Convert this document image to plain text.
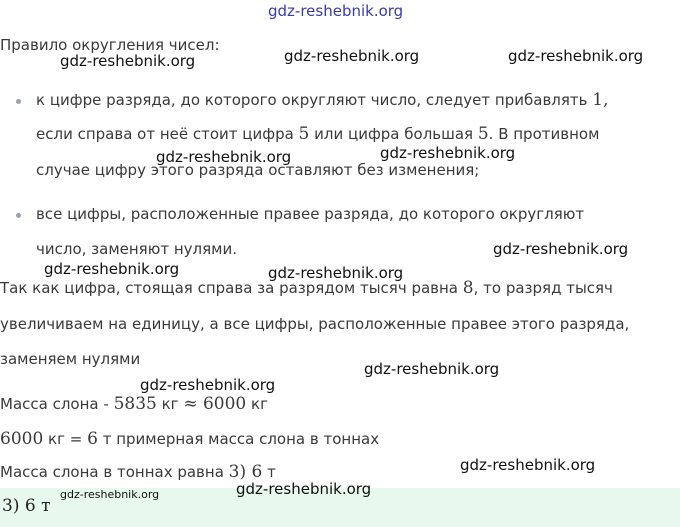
gdz-reshebnik.org
Правило округления чисел:
к цифре разряда, до которого округляют число, следует прибавлять 1,
если справа от неё стоит цифра 5 или цифра большая 5. В противном
случае цифру этого разряда оставляют без изменения;
все цифры, расположенные правее разряда, до которого округляют
число, заменяют нулями.
Так как цифра, стоящая справа за разрядом тысяч равна 8, то разряд тысяч
увеличиваем на единицу, а все цифры, расположенные правее этого разряда,
заменяем нулями
Масса слона - 5835 кг ≈ 6000 кг
6000 кг = 6 т примерная масса слона в тоннах
Масса слона в тоннах равна 3) 6 т
3) 6 т
gdz-reshebnik.org	gdz-reshebnik.org	gdz-reshebnik.org
gdz-reshebnik.org	gdz-reshebnik.org
gdz-reshebnik.org
gdz-reshebnik.org	gdz-reshebnik.org
gdz-reshebnik.org
gdz-reshebnik.org
gdz-reshebnik.org
gdz-reshebnik.org
gdz-reshebnik.org
